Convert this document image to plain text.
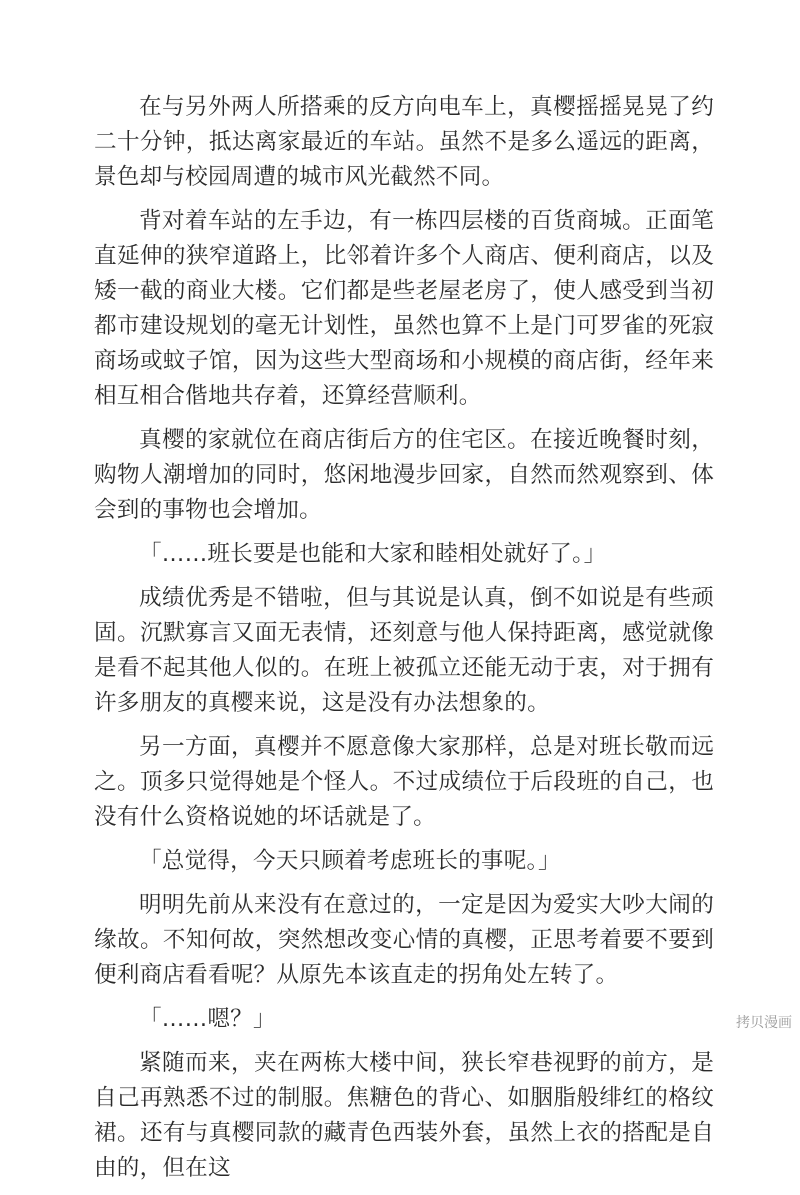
在与另外两人所搭乘的反方向电车上，真樱摇摇晃晃了约二十分钟，抵达离家最近的车站。虽然不是多么遥远的距离，景色却与校园周遭的城市风光截然不同。

背对着车站的左手边，有一栋四层楼的百货商城。正面笔直延伸的狭窄道路上，比邻着许多个人商店、便利商店，以及矮一截的商业大楼。它们都是些老屋老房了，使人感受到当初都市建设规划的毫无计划性，虽然也算不上是门可罗雀的死寂商场或蚊子馆，因为这些大型商场和小规模的商店街，经年来相互相合偕地共存着，还算经营顺利。

真樱的家就位在商店街后方的住宅区。在接近晚餐时刻，购物人潮增加的同时，悠闲地漫步回家，自然而然观察到、体会到的事物也会增加。

「……班长要是也能和大家和睦相处就好了。」

成绩优秀是不错啦，但与其说是认真，倒不如说是有些顽固。沉默寡言又面无表情，还刻意与他人保持距离，感觉就像是看不起其他人似的。在班上被孤立还能无动于衷，对于拥有许多朋友的真樱来说，这是没有办法想象的。

另一方面，真樱并不愿意像大家那样，总是对班长敬而远之。顶多只觉得她是个怪人。不过成绩位于后段班的自己，也没有什么资格说她的坏话就是了。

「总觉得，今天只顾着考虑班长的事呢。」

明明先前从来没有在意过的，一定是因为爱实大吵大闹的缘故。不知何故，突然想改变心情的真樱，正思考着要不要到便利商店看看呢？从原先本该直走的拐角处左转了。

「……嗯？」

紧随而来，夹在两栋大楼中间，狭长窄巷视野的前方，是自己再熟悉不过的制服。焦糖色的背心、如胭脂般绯红的格纹裙。还有与真樱同款的藏青色西装外套，虽然上衣的搭配是自由的，但在这

拷贝漫画
